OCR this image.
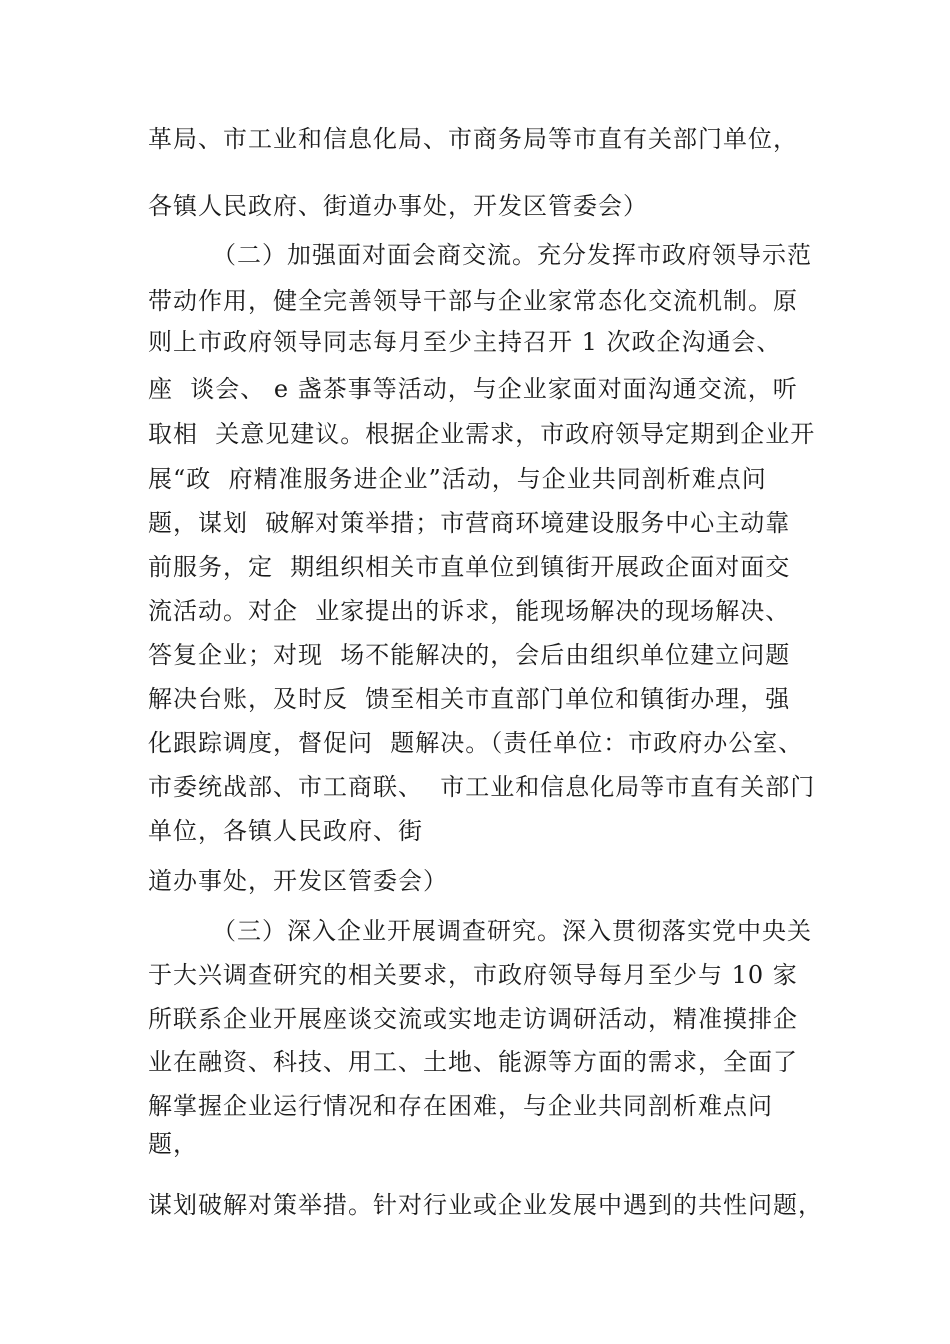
革局、市工业和信息化局、市商务局等市直有关部门单位，
各镇人民政府、街道办事处，开发区管委会）
（二）加强面对面会商交流。充分发挥市政府领导示范
带动作用，健全完善领导干部与企业家常态化交流机制。原
则上市政府领导同志每月至少主持召开 1 次政企沟通会、
座  谈会、 e 盏茶事等活动，与企业家面对面沟通交流，听
取相  关意见建议。根据企业需求，市政府领导定期到企业开
展“政  府精准服务进企业”活动，与企业共同剖析难点问
题，谋划  破解对策举措；市营商环境建设服务中心主动靠
前服务，定  期组织相关市直单位到镇街开展政企面对面交
流活动。对企  业家提出的诉求，能现场解决的现场解决、
答复企业；对现  场不能解决的，会后由组织单位建立问题
解决台账，及时反  馈至相关市直部门单位和镇街办理，强
化跟踪调度，督促问  题解决。（责任单位：市政府办公室、
市委统战部、市工商联、  市工业和信息化局等市直有关部门
单位，各镇人民政府、街
道办事处，开发区管委会）
（三）深入企业开展调查研究。深入贯彻落实党中央关
于大兴调查研究的相关要求，市政府领导每月至少与 10 家
所联系企业开展座谈交流或实地走访调研活动，精准摸排企
业在融资、科技、用工、土地、能源等方面的需求，全面了
解掌握企业运行情况和存在困难，与企业共同剖析难点问
题，
谋划破解对策举措。针对行业或企业发展中遇到的共性问题，
